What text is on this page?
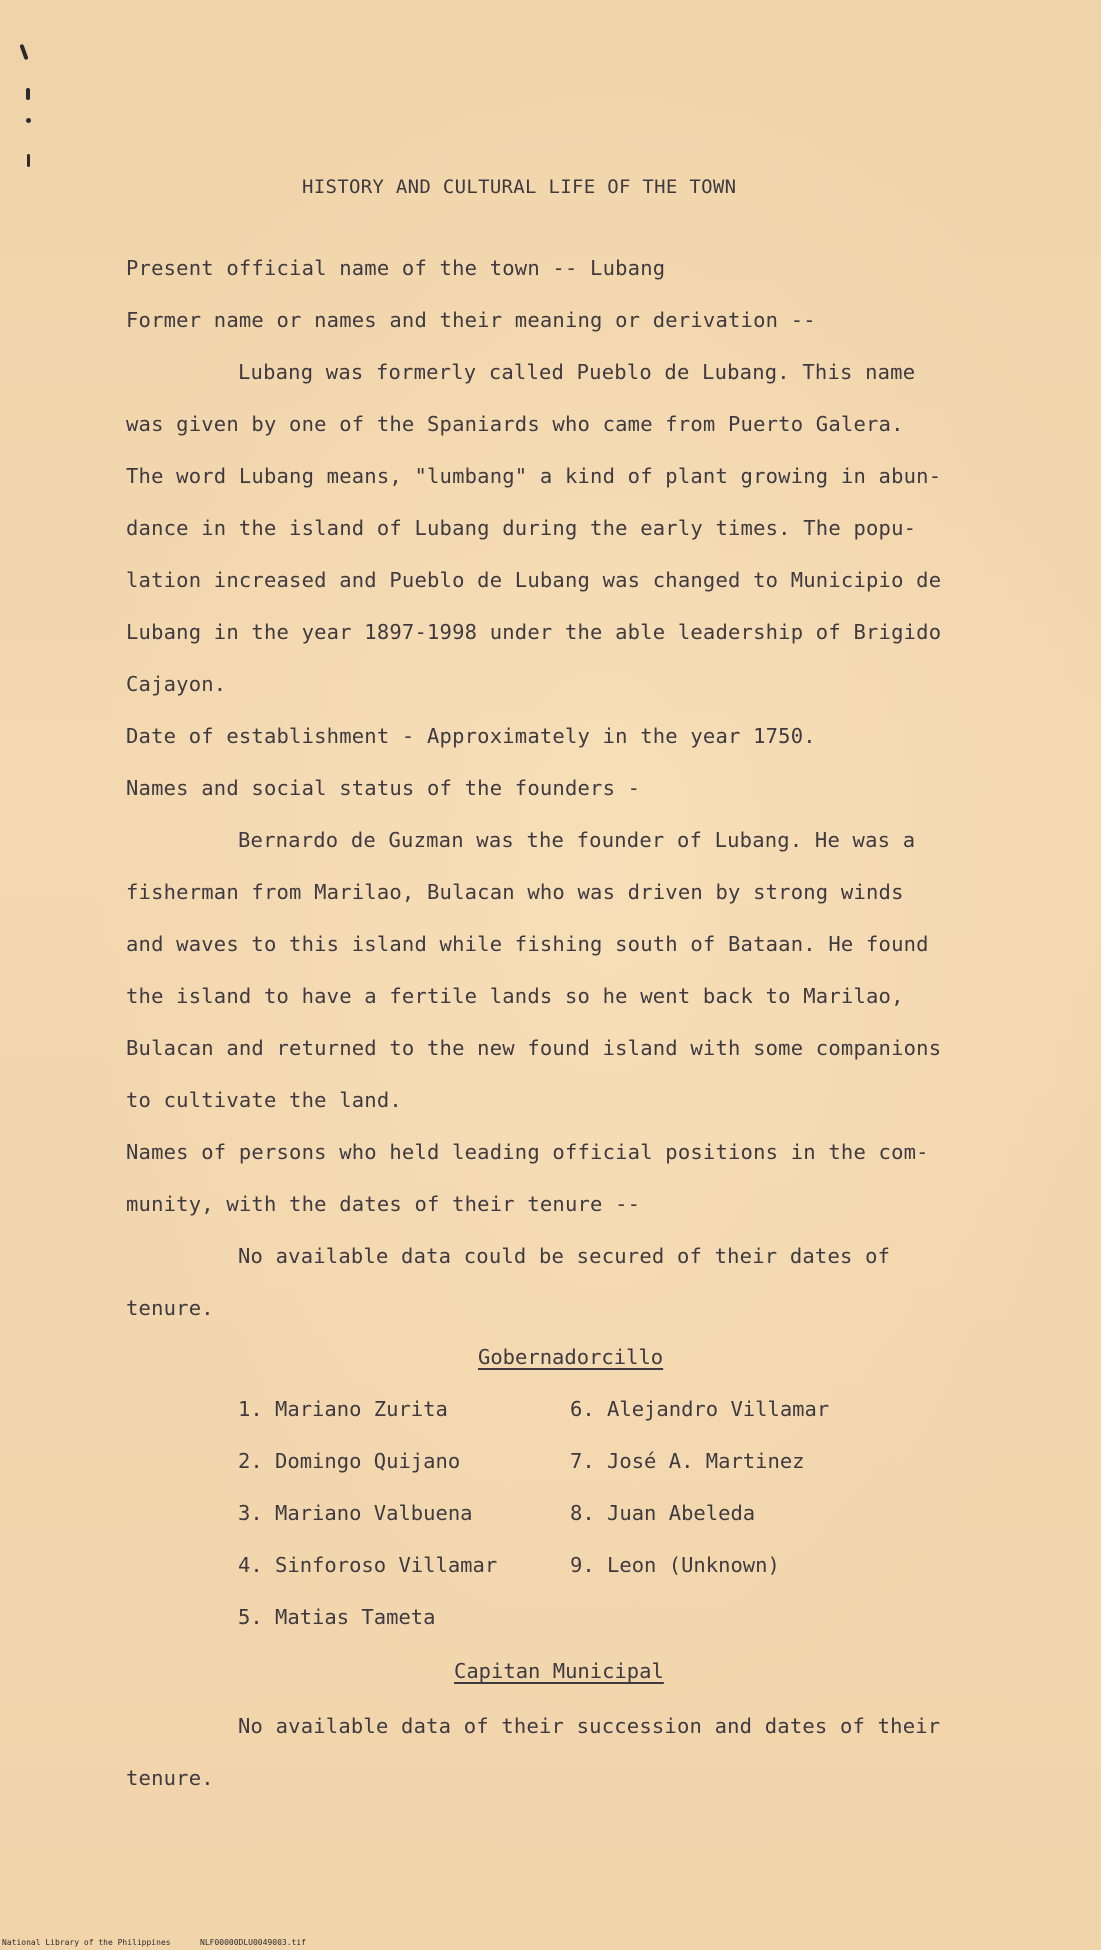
HISTORY AND CULTURAL LIFE OF THE TOWN
Present official name of the town -- Lubang
Former name or names and their meaning or derivation --
Lubang was formerly called Pueblo de Lubang. This name
was given by one of the Spaniards who came from Puerto Galera.
The word Lubang means, "lumbang" a kind of plant growing in abun-
dance in the island of Lubang during the early times. The popu-
lation increased and Pueblo de Lubang was changed to Municipio de
Lubang in the year 1897-1998 under the able leadership of Brigido
Cajayon.
Date of establishment - Approximately in the year 1750.
Names and social status of the founders -
Bernardo de Guzman was the founder of Lubang. He was a
fisherman from Marilao, Bulacan who was driven by strong winds
and waves to this island while fishing south of Bataan. He found
the island to have a fertile lands so he went back to Marilao,
Bulacan and returned to the new found island with some companions
to cultivate the land.
Names of persons who held leading official positions in the com-
munity, with the dates of their tenure --
No available data could be secured of their dates of
tenure.
Gobernadorcillo
1. Mariano Zurita
2. Domingo Quijano
3. Mariano Valbuena
4. Sinforoso Villamar
5. Matias Tameta
6. Alejandro Villamar
7. José A. Martinez
8. Juan Abeleda
9. Leon (Unknown)
Capitan Municipal
No available data of their succession and dates of their
tenure.
National Library of the Philippines	NLF00000DLU0049003.tif
